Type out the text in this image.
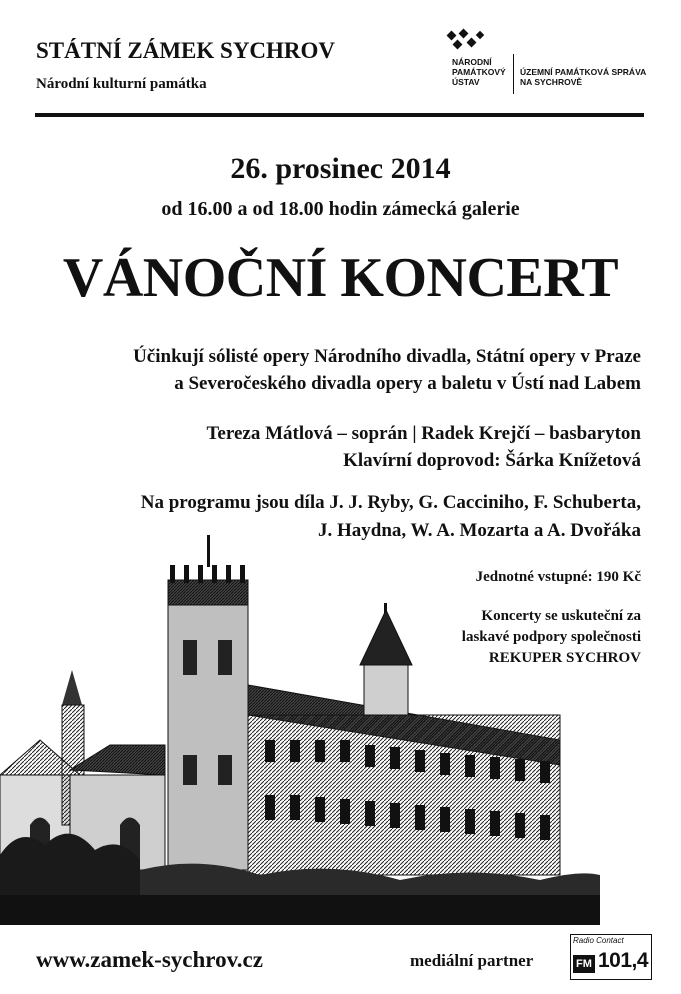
STÁTNÍ ZÁMEK SYCHROV
Národní kulturní památka
NÁRODNÍ
PAMÁTKOVÝ
ÚSTAV
ÚZEMNÍ PAMÁTKOVÁ SPRÁVA
NA SYCHROVĚ
26. prosinec 2014
od 16.00 a od 18.00 hodin zámecká galerie
VÁNOČNÍ KONCERT
Účinkují sólisté opery Národního divadla, Státní opery v Praze
a Severočeského divadla opery a baletu v Ústí nad Labem
Tereza Mátlová – soprán | Radek Krejčí – basbaryton
Klavírní doprovod: Šárka Knížetová
Na programu jsou díla J. J. Ryby, G. Cacciniho, F. Schuberta,
J. Haydna, W. A. Mozarta a A. Dvořáka
Jednotné vstupné: 190 Kč
Koncerty se uskuteční za
laskavé podpory společnosti
REKUPER SYCHROV
www.zamek-sychrov.cz	mediální partner
Radio Contact
FM 101,4
